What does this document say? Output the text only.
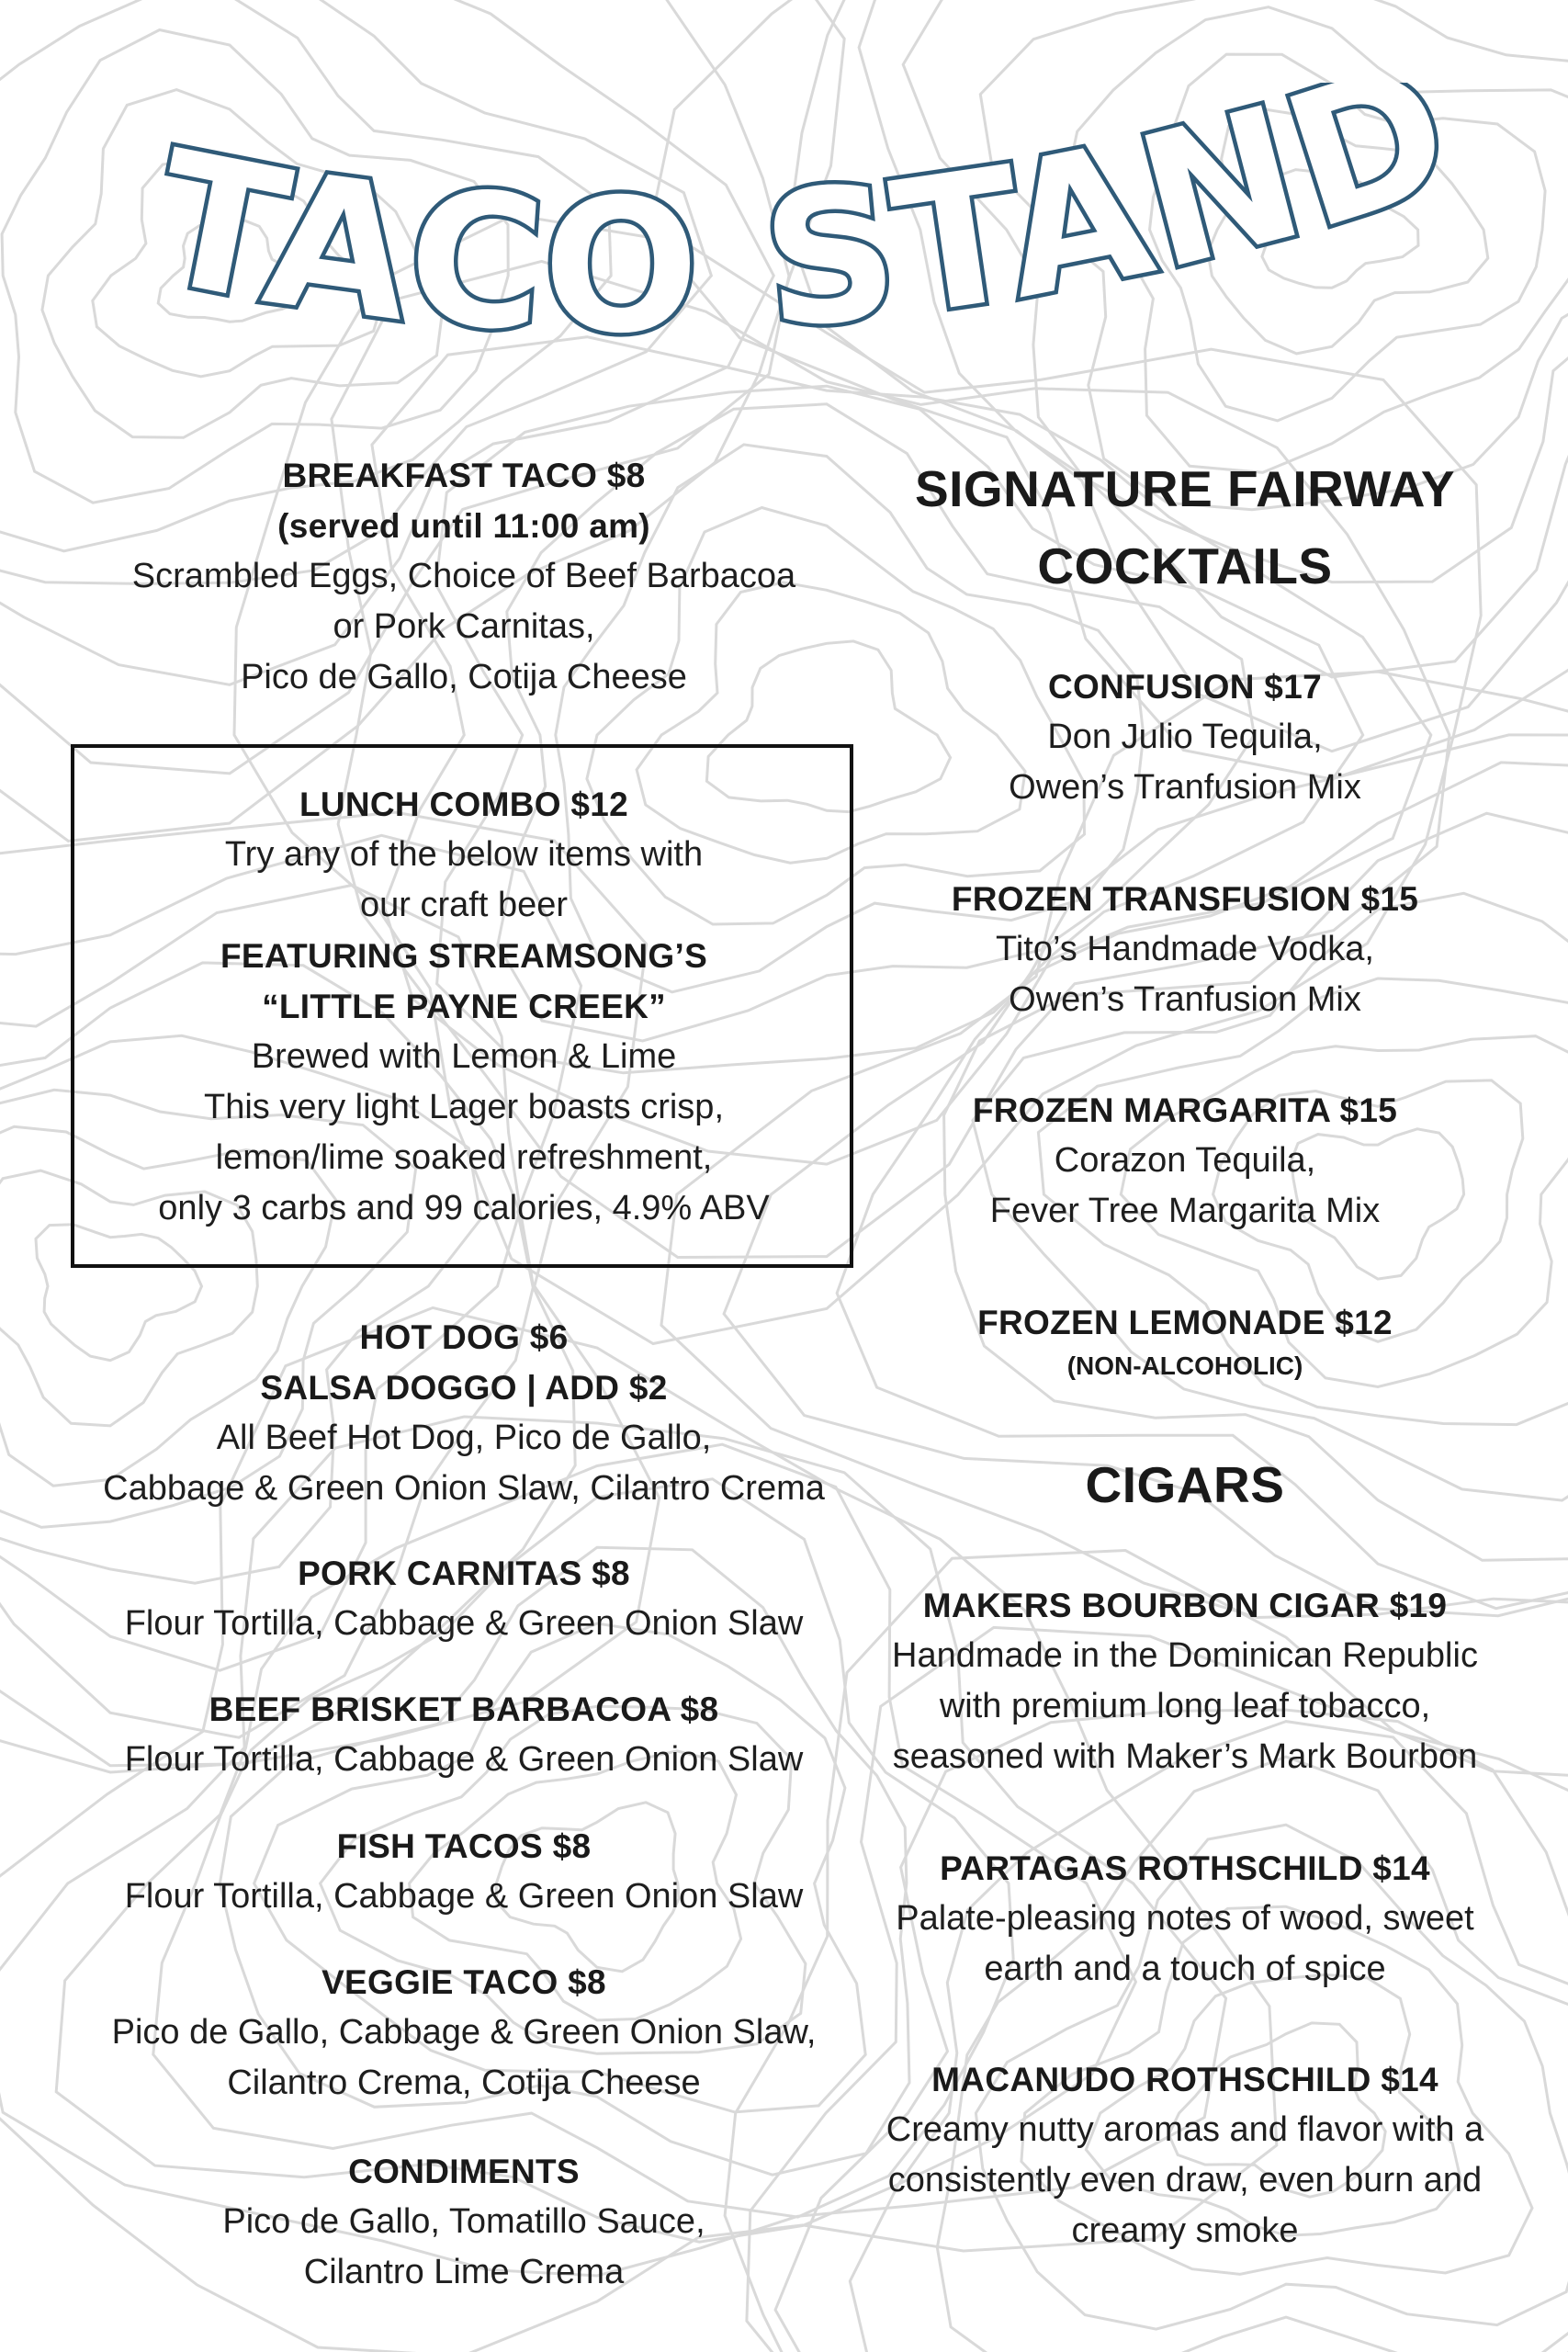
TACO STAND

BREAKFAST TACO $8

(served until 11:00 am)

Scrambled Eggs, Choice of Beef Barbacoa

or Pork Carnitas,

Pico de Gallo, Cotija Cheese

LUNCH COMBO $12

Try any of the below items with

our craft beer

FEATURING STREAMSONG’S

“LITTLE PAYNE CREEK”

Brewed with Lemon & Lime

This very light Lager boasts crisp,

lemon/lime soaked refreshment,

only 3 carbs and 99 calories, 4.9% ABV

HOT DOG $6

SALSA DOGGO | ADD $2

All Beef Hot Dog, Pico de Gallo,

Cabbage & Green Onion Slaw, Cilantro Crema

PORK CARNITAS $8

Flour Tortilla, Cabbage & Green Onion Slaw

BEEF BRISKET BARBACOA $8

Flour Tortilla, Cabbage & Green Onion Slaw

FISH TACOS $8

Flour Tortilla, Cabbage & Green Onion Slaw

VEGGIE TACO $8

Pico de Gallo, Cabbage & Green Onion Slaw,

Cilantro Crema, Cotija Cheese

CONDIMENTS

Pico de Gallo, Tomatillo Sauce,

Cilantro Lime Crema

SIGNATURE FAIRWAY

COCKTAILS

CONFUSION $17

Don Julio Tequila,

Owen’s Tranfusion Mix

FROZEN TRANSFUSION $15

Tito’s Handmade Vodka,

Owen’s Tranfusion Mix

FROZEN MARGARITA $15

Corazon Tequila,

Fever Tree Margarita Mix

FROZEN LEMONADE $12

(NON-ALCOHOLIC)

CIGARS

MAKERS BOURBON CIGAR $19

Handmade in the Dominican Republic

with premium long leaf tobacco,

seasoned with Maker’s Mark Bourbon

PARTAGAS ROTHSCHILD $14

Palate-pleasing notes of wood, sweet

earth and a touch of spice

MACANUDO ROTHSCHILD $14

Creamy nutty aromas and flavor with a

consistently even draw, even burn and

creamy smoke
